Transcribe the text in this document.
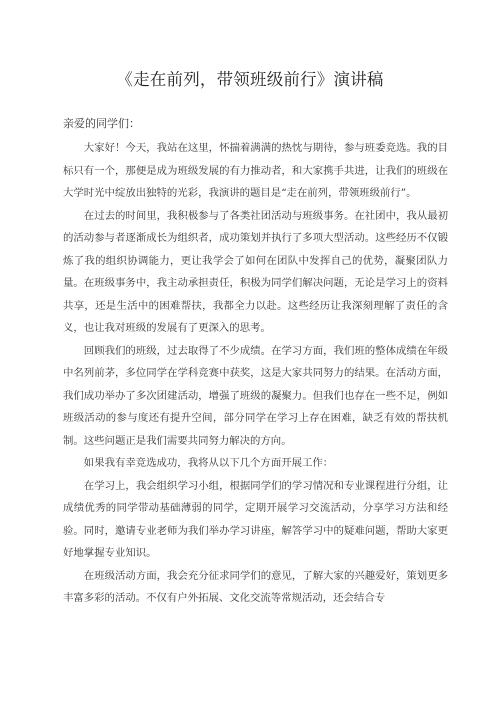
《走在前列，带领班级前行》演讲稿
亲爱的同学们：

大家好！今天，我站在这里，怀揣着满满的热忱与期待，参与班委竞选。我的目标只有一个，那便是成为班级发展的有力推动者，和大家携手共进，让我们的班级在大学时光中绽放出独特的光彩，我演讲的题目是“走在前列，带领班级前行”。

在过去的时间里，我积极参与了各类社团活动与班级事务。在社团中，我从最初的活动参与者逐渐成长为组织者，成功策划并执行了多项大型活动。这些经历不仅锻炼了我的组织协调能力，更让我学会了如何在团队中发挥自己的优势，凝聚团队力量。在班级事务中，我主动承担责任，积极为同学们解决问题，无论是学习上的资料共享，还是生活中的困难帮扶，我都全力以赴。这些经历让我深刻理解了责任的含义，也让我对班级的发展有了更深入的思考。

回顾我们的班级，过去取得了不少成绩。在学习方面，我们班的整体成绩在年级中名列前茅，多位同学在学科竞赛中获奖，这是大家共同努力的结果。在活动方面，我们成功举办了多次团建活动，增强了班级的凝聚力。但我们也存在一些不足，例如班级活动的参与度还有提升空间，部分同学在学习上存在困难，缺乏有效的帮扶机制。这些问题正是我们需要共同努力解决的方向。

如果我有幸竞选成功，我将从以下几个方面开展工作：

在学习上，我会组织学习小组，根据同学们的学习情况和专业课程进行分组，让成绩优秀的同学带动基础薄弱的同学，定期开展学习交流活动，分享学习方法和经验。同时，邀请专业老师为我们举办学习讲座，解答学习中的疑难问题，帮助大家更好地掌握专业知识。

在班级活动方面，我会充分征求同学们的意见，了解大家的兴趣爱好，策划更多丰富多彩的活动。不仅有户外拓展、文化交流等常规活动，还会结合专
